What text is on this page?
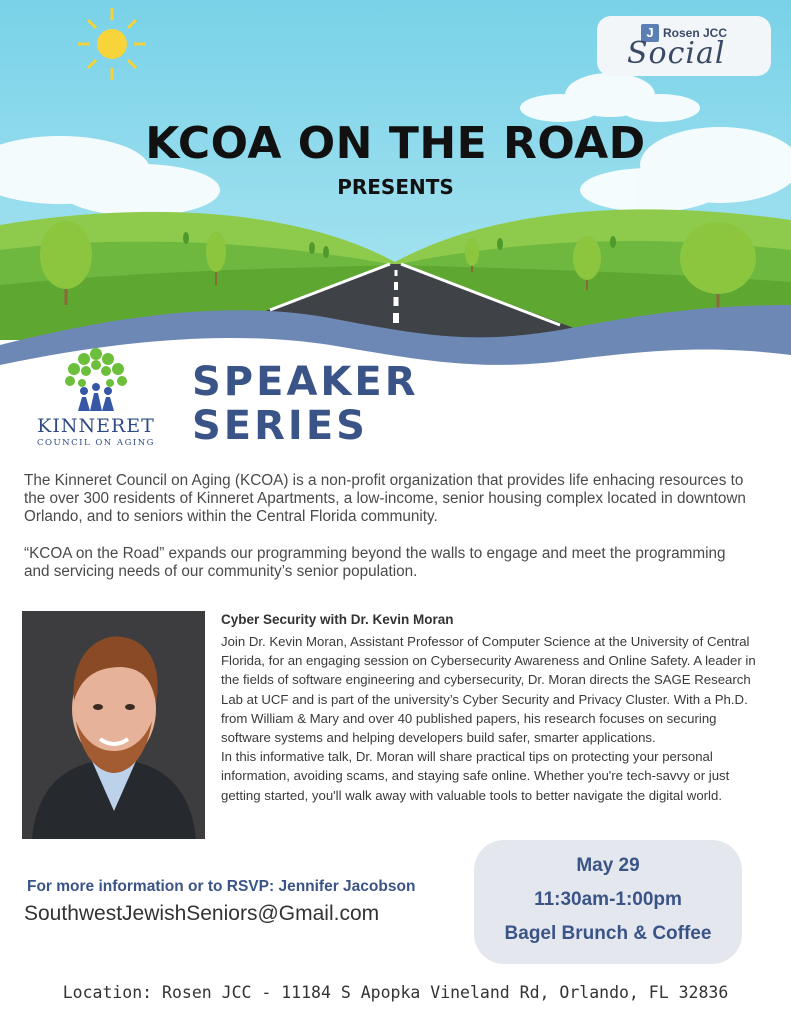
J Rosen JCC
Social
KCOA ON THE ROAD
PRESENTS
KINNERET
COUNCIL ON AGING
SPEAKER
SERIES

The Kinneret Council on Aging (KCOA) is a non-profit organization that provides life enhacing resources to the over 300 residents of Kinneret Apartments, a low-income, senior housing complex located in downtown Orlando, and to seniors within the Central Florida community.

“KCOA on the Road” expands our programming beyond the walls to engage and meet the programming and servicing needs of our community’s senior population.

Cyber Security with Dr. Kevin Moran
Join Dr. Kevin Moran, Assistant Professor of Computer Science at the University of Central Florida, for an engaging session on Cybersecurity Awareness and Online Safety. A leader in the fields of software engineering and cybersecurity, Dr. Moran directs the SAGE Research Lab at UCF and is part of the university’s Cyber Security and Privacy Cluster. With a Ph.D. from William & Mary and over 40 published papers, his research focuses on securing software systems and helping developers build safer, smarter applications.
In this informative talk, Dr. Moran will share practical tips on protecting your personal information, avoiding scams, and staying safe online. Whether you're tech-savvy or just getting started, you'll walk away with valuable tools to better navigate the digital world.
For more information or to RSVP: Jennifer Jacobson
SouthwestJewishSeniors@Gmail.com
May 29
11:30am-1:00pm
Bagel Brunch & Coffee
Location: Rosen JCC - 11184 S Apopka Vineland Rd, Orlando, FL 32836
